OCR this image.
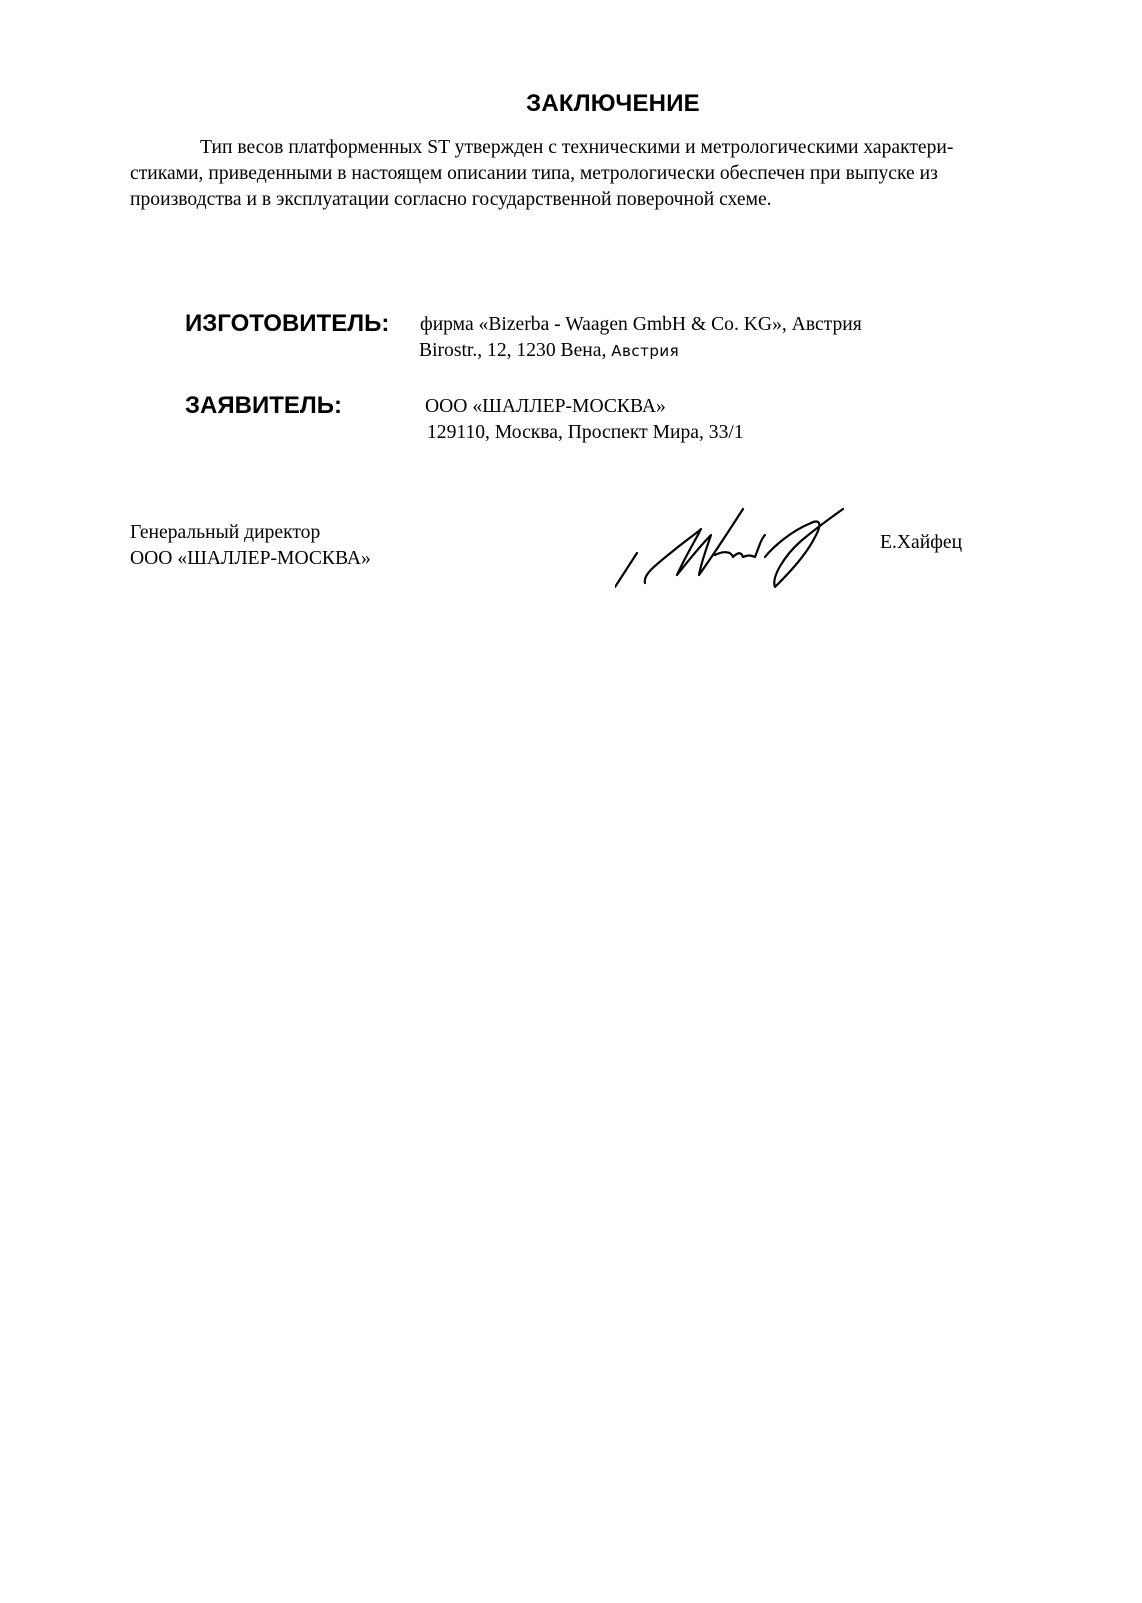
ЗАКЛЮЧЕНИЕ
Тип весов платформенных ST утвержден с техническими и метрологическими характери-
стиками, приведенными в настоящем описании типа, метрологически обеспечен при выпуске из
производства и в эксплуатации согласно государственной поверочной схеме.
ИЗГОТОВИТЕЛЬ: фирма «Bizerba - Waagen GmbH & Co. KG», Австрия
Birostr., 12, 1230 Вена, Австрия
ЗАЯВИТЕЛЬ:	ООО «ШАЛЛЕР-МОСКВА»
129110, Москва, Проспект Мира, 33/1
Генеральный директор
ООО «ШАЛЛЕР-МОСКВА»
Е.Хайфец
